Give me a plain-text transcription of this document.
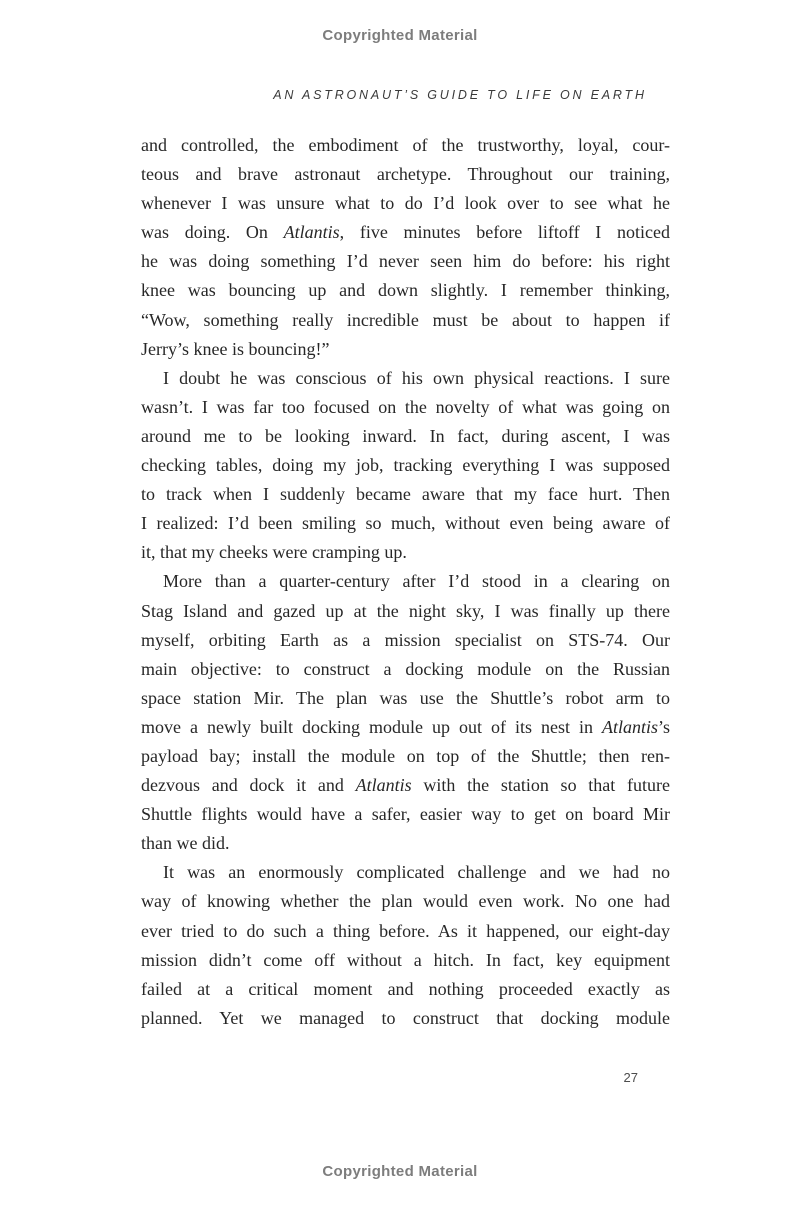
Copyrighted Material
AN ASTRONAUT’S GUIDE TO LIFE ON EARTH
and controlled, the embodiment of the trustworthy, loyal, cour-
teous and brave astronaut archetype. Throughout our training,
whenever I was unsure what to do I’d look over to see what he
was doing. On Atlantis, five minutes before liftoff I noticed
he was doing something I’d never seen him do before: his right
knee was bouncing up and down slightly. I remember thinking,
“Wow, something really incredible must be about to happen if
Jerry’s knee is bouncing!”
I doubt he was conscious of his own physical reactions. I sure
wasn’t. I was far too focused on the novelty of what was going on
around me to be looking inward. In fact, during ascent, I was
checking tables, doing my job, tracking everything I was supposed
to track when I suddenly became aware that my face hurt. Then
I realized: I’d been smiling so much, without even being aware of
it, that my cheeks were cramping up.
More than a quarter-century after I’d stood in a clearing on
Stag Island and gazed up at the night sky, I was finally up there
myself, orbiting Earth as a mission specialist on STS-74. Our
main objective: to construct a docking module on the Russian
space station Mir. The plan was use the Shuttle’s robot arm to
move a newly built docking module up out of its nest in Atlantis’s
payload bay; install the module on top of the Shuttle; then ren-
dezvous and dock it and Atlantis with the station so that future
Shuttle flights would have a safer, easier way to get on board Mir
than we did.
It was an enormously complicated challenge and we had no
way of knowing whether the plan would even work. No one had
ever tried to do such a thing before. As it happened, our eight-day
mission didn’t come off without a hitch. In fact, key equipment
failed at a critical moment and nothing proceeded exactly as
planned. Yet we managed to construct that docking module
27
Copyrighted Material
